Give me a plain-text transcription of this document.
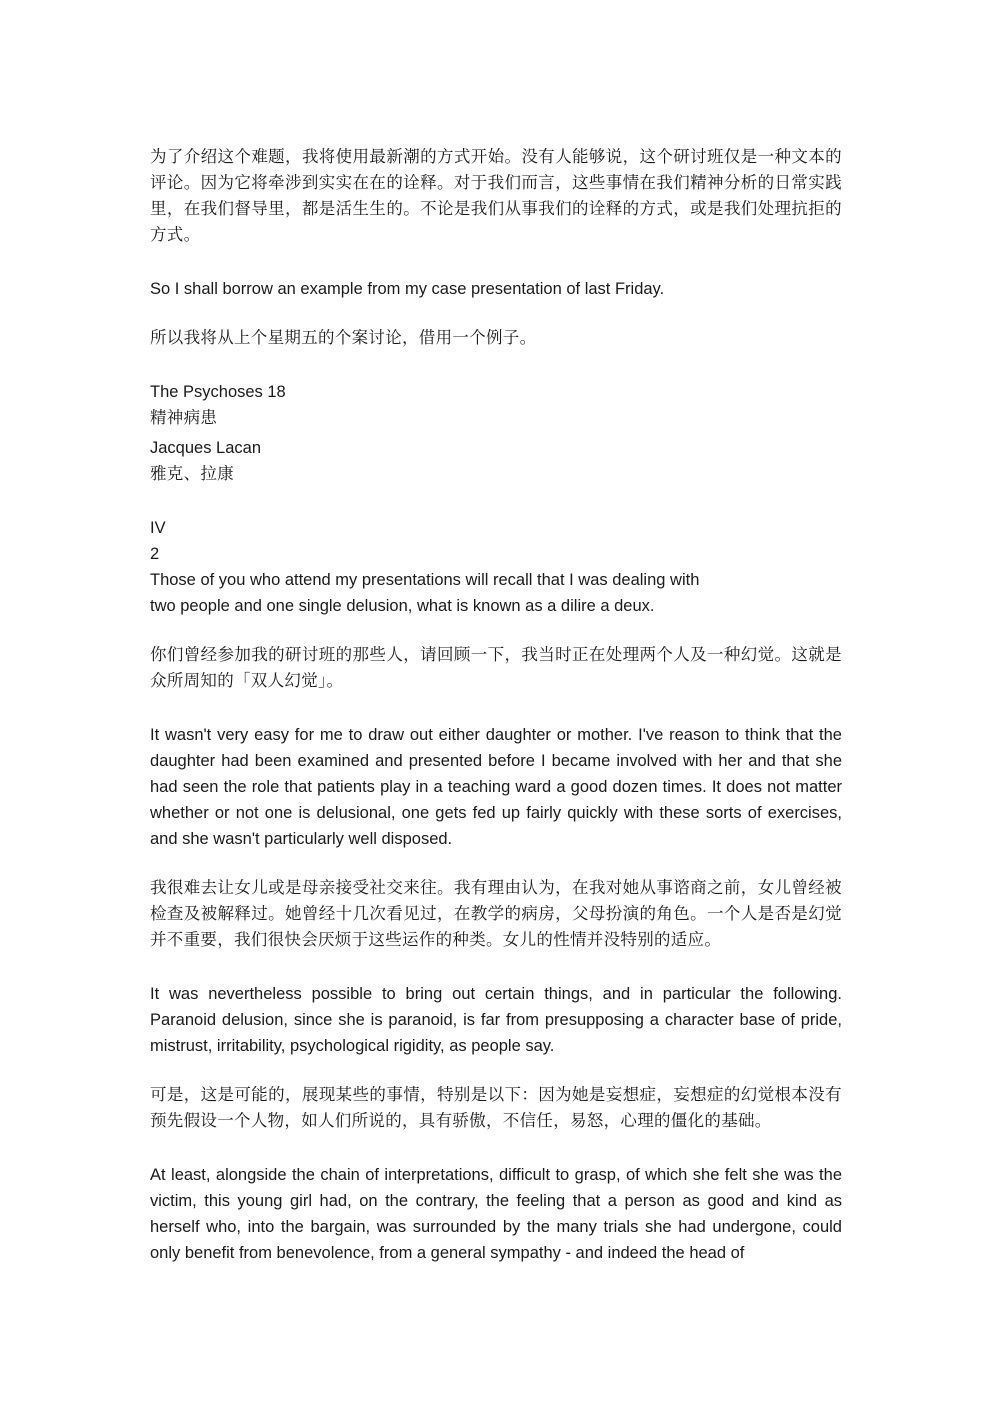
为了介绍这个难题，我将使用最新潮的方式开始。没有人能够说，这个研讨班仅是一种文本的评论。因为它将牵涉到实实在在的诠释。对于我们而言，这些事情在我们精神分析的日常实践里，在我们督导里，都是活生生的。不论是我们从事我们的诠释的方式，或是我们处理抗拒的方式。

So I shall borrow an example from my case presentation of last Friday.

所以我将从上个星期五的个案讨论，借用一个例子。

The Psychoses 18

精神病患

Jacques Lacan

雅克、拉康

IV

2

Those of you who attend my presentations will recall that I was dealing with
two people and one single delusion, what is known as a dilire a deux.

你们曾经参加我的研讨班的那些人，请回顾一下，我当时正在处理两个人及一种幻觉。这就是众所周知的「双人幻觉」。

It wasn't very easy for me to draw out either daughter or mother. I've reason to think that the daughter had been examined and presented before I became involved with her and that she had seen the role that patients play in a teaching ward a good dozen times. It does not matter whether or not one is delusional, one gets fed up fairly quickly with these sorts of exercises, and she wasn't particularly well disposed.

我很难去让女儿或是母亲接受社交来往。我有理由认为，在我对她从事谘商之前，女儿曾经被检查及被解释过。她曾经十几次看见过，在教学的病房，父母扮演的角色。一个人是否是幻觉并不重要，我们很快会厌烦于这些运作的种类。女儿的性情并没特别的适应。

It was nevertheless possible to bring out certain things, and in particular the following. Paranoid delusion, since she is paranoid, is far from presupposing a character base of pride, mistrust, irritability, psychological rigidity, as people say.

可是，这是可能的，展现某些的事情，特别是以下：因为她是妄想症，妄想症的幻觉根本没有预先假设一个人物，如人们所说的，具有骄傲，不信任，易怒，心理的僵化的基础。

At least, alongside the chain of interpretations, difficult to grasp, of which she felt she was the victim, this young girl had, on the contrary, the feeling that a person as good and kind as herself who, into the bargain, was surrounded by the many trials she had undergone, could only benefit from benevolence, from a general sympathy - and indeed the head of
